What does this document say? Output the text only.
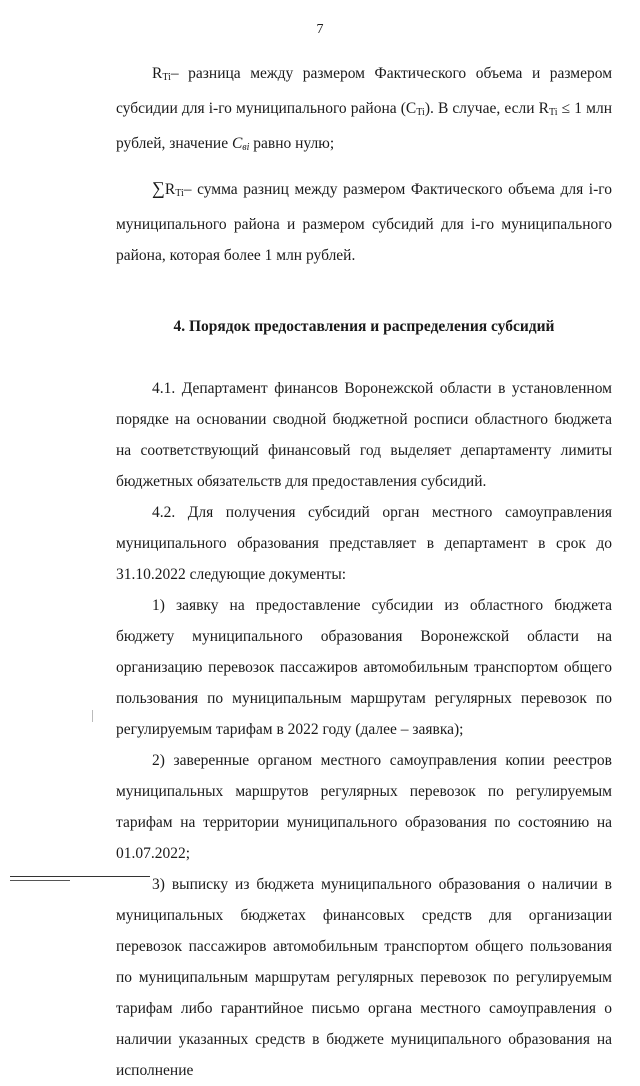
7

$R_{Ti}-$ разница между размером Фактического объема и размером субсидии для i-го муниципального района $(С_{Ti})$. В случае, если $R_{Ti} \le 1$ млн рублей, значение $С_{вi}$ равно нулю;

$\sum R_{Ti}-$ сумма разниц между размером Фактического объема для i-го муниципального района и размером субсидий для i-го муниципального района, которая более 1 млн рублей.

4. Порядок предоставления и распределения субсидий

4.1. Департамент финансов Воронежской области в установленном порядке на основании сводной бюджетной росписи областного бюджета на соответствующий финансовый год выделяет департаменту лимиты бюджетных обязательств для предоставления субсидий.

4.2. Для получения субсидий орган местного самоуправления муниципального образования представляет в департамент в срок до 31.10.2022 следующие документы:

1) заявку на предоставление субсидии из областного бюджета бюджету муниципального образования Воронежской области на организацию перевозок пассажиров автомобильным транспортом общего пользования по муниципальным маршрутам регулярных перевозок по регулируемым тарифам в 2022 году (далее – заявка);

2) заверенные органом местного самоуправления копии реестров муниципальных маршрутов регулярных перевозок по регулируемым тарифам на территории муниципального образования по состоянию на 01.07.2022;

3) выписку из бюджета муниципального образования о наличии в муниципальных бюджетах финансовых средств для организации перевозок пассажиров автомобильным транспортом общего пользования по муниципальным маршрутам регулярных перевозок по регулируемым тарифам либо гарантийное письмо органа местного самоуправления о наличии указанных средств в бюджете муниципального образования на исполнение
